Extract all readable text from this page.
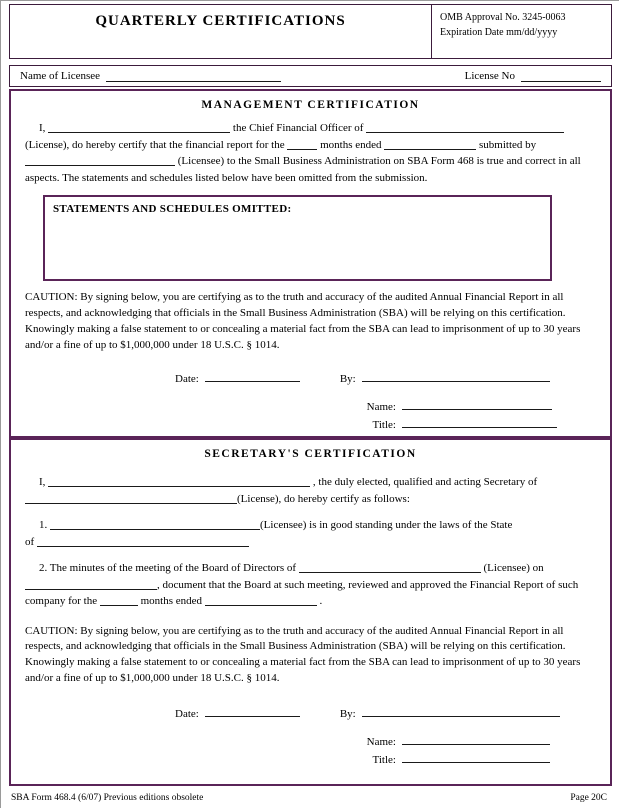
QUARTERLY CERTIFICATIONS	OMB Approval No. 3245-0063
Expiration Date mm/dd/yyyy
Name of Licensee	License No
MANAGEMENT CERTIFICATION
I,	the Chief Financial Officer of  (License), do hereby certify that the financial report for the	months ended	submitted by  (Licensee) to the Small Business Administration on SBA Form 468 is true and correct in all aspects. The statements and schedules listed below have been omitted from the submission.
STATEMENTS AND SCHEDULES OMITTED:
CAUTION: By signing below, you are certifying as to the truth and accuracy of the audited Annual Financial Report in all respects, and acknowledging that officials in the Small Business Administration (SBA) will be relying on this certification. Knowingly making a false statement to or concealing a material fact from the SBA can lead to imprisonment of up to 30 years and/or a fine of up to $1,000,000 under 18 U.S.C. § 1014.
Date:	By:
Name:
Title:
SECRETARY'S CERTIFICATION
I,	, the duly elected, qualified and acting Secretary of (License), do hereby certify as follows:
1.	(Licensee) is in good standing under the laws of the State
of
2. The minutes of the meeting of the Board of Directors of	(Licensee) on , document that the Board at such meeting, reviewed and approved the Financial Report of such company for the	months ended	.
CAUTION: By signing below, you are certifying as to the truth and accuracy of the audited Annual Financial Report in all respects, and acknowledging that officials in the Small Business Administration (SBA) will be relying on this certification. Knowingly making a false statement to or concealing a material fact from the SBA can lead to imprisonment of up to 30 years and/or a fine of up to $1,000,000 under 18 U.S.C. § 1014.
Date:	By:
Name:
Title:
SBA Form 468.4 (6/07) Previous editions obsolete	Page 20C
